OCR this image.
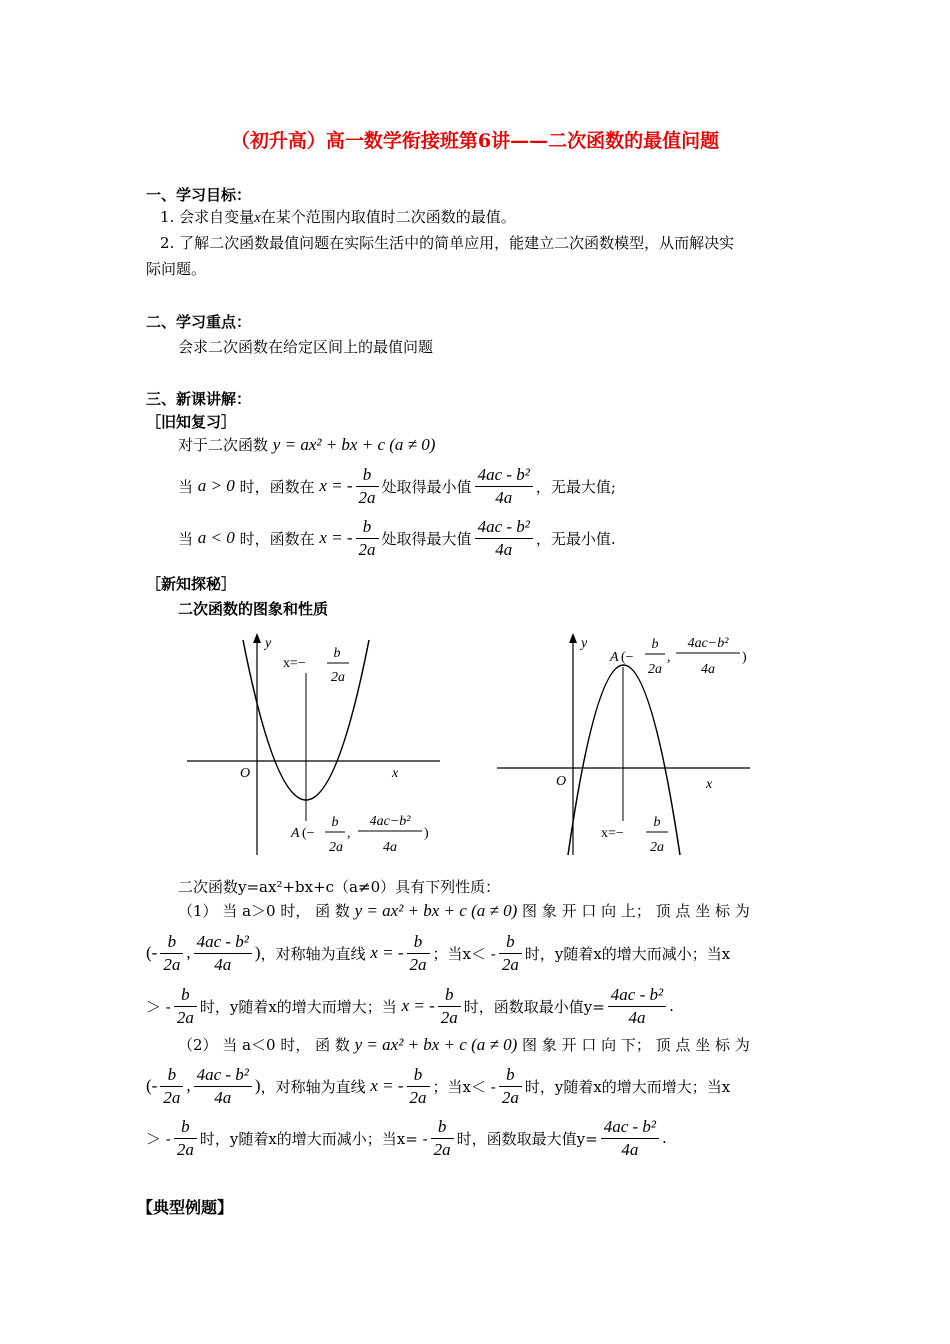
（初升高）高一数学衔接班第6讲——二次函数的最值问题
一、学习目标：
1. 会求自变量x在某个范围内取值时二次函数的最值。
2. 了解二次函数最值问题在实际生活中的简单应用，能建立二次函数模型，从而解决实
际问题。
二、学习重点：
会求二次函数在给定区间上的最值问题
三、新课讲解：
［旧知复习］
对于二次函数
y = ax² + bx + c (a ≠ 0)
当
a > 0
时，函数在
x = - $\frac{b}{2a}$ 处取得最小值 $\frac{\text{4ac - b²}}{4a}$ ，无最大值;
当
a < 0
时，函数在
x = - $\frac{b}{2a}$ 处取得最大值 $\frac{\text{4ac - b²}}{4a}$ ，无最小值.
［新知探秘］
二次函数的图象和性质
y
x
O
x=−
b
2a
A (−
b
2a
,
4ac−b²
4a
)
y
x
O
A (−
b
2a
,
4ac−b²
4a
)
x=−
b
2a
二次函数y=ax²+bx+c（a≠0）具有下列性质：
（1） 当 a＞0 时， 函 数
y = ax² + bx + c (a ≠ 0)
图 象 开 口 向 上； 顶 点 坐 标 为
(- $\frac{b}{2a}$ , $\frac{\text{4ac - b²}}{4a}$ ) ，对称轴为直线
x = - $\frac{b}{2a}$ ；当$x< - \frac{b}{2a}$ 时，y随着x的增大而减小；当x
＞ - $\frac{b}{2a}$ 时，y随着x的增大而增大；当
x = - $\frac{b}{2a}$ 时，函数取最小值$y= \frac{\text{4ac - b²}}{4a}$ .
（2） 当 a＜0 时， 函 数
y = ax² + bx + c (a ≠ 0)
图 象 开 口 向 下； 顶 点 坐 标 为
(- $\frac{b}{2a}$ , $\frac{\text{4ac - b²}}{4a}$ ) ，对称轴为直线
x = - $\frac{b}{2a}$ ；当$x< - \frac{b}{2a}$ 时，y随着x的增大而增大；当x
＞ - $\frac{b}{2a}$ 时，y随着x的增大而减小；当$x= - \frac{b}{2a}$ 时，函数取最大值$y= \frac{\text{4ac - b²}}{4a}$ .
【典型例题】
